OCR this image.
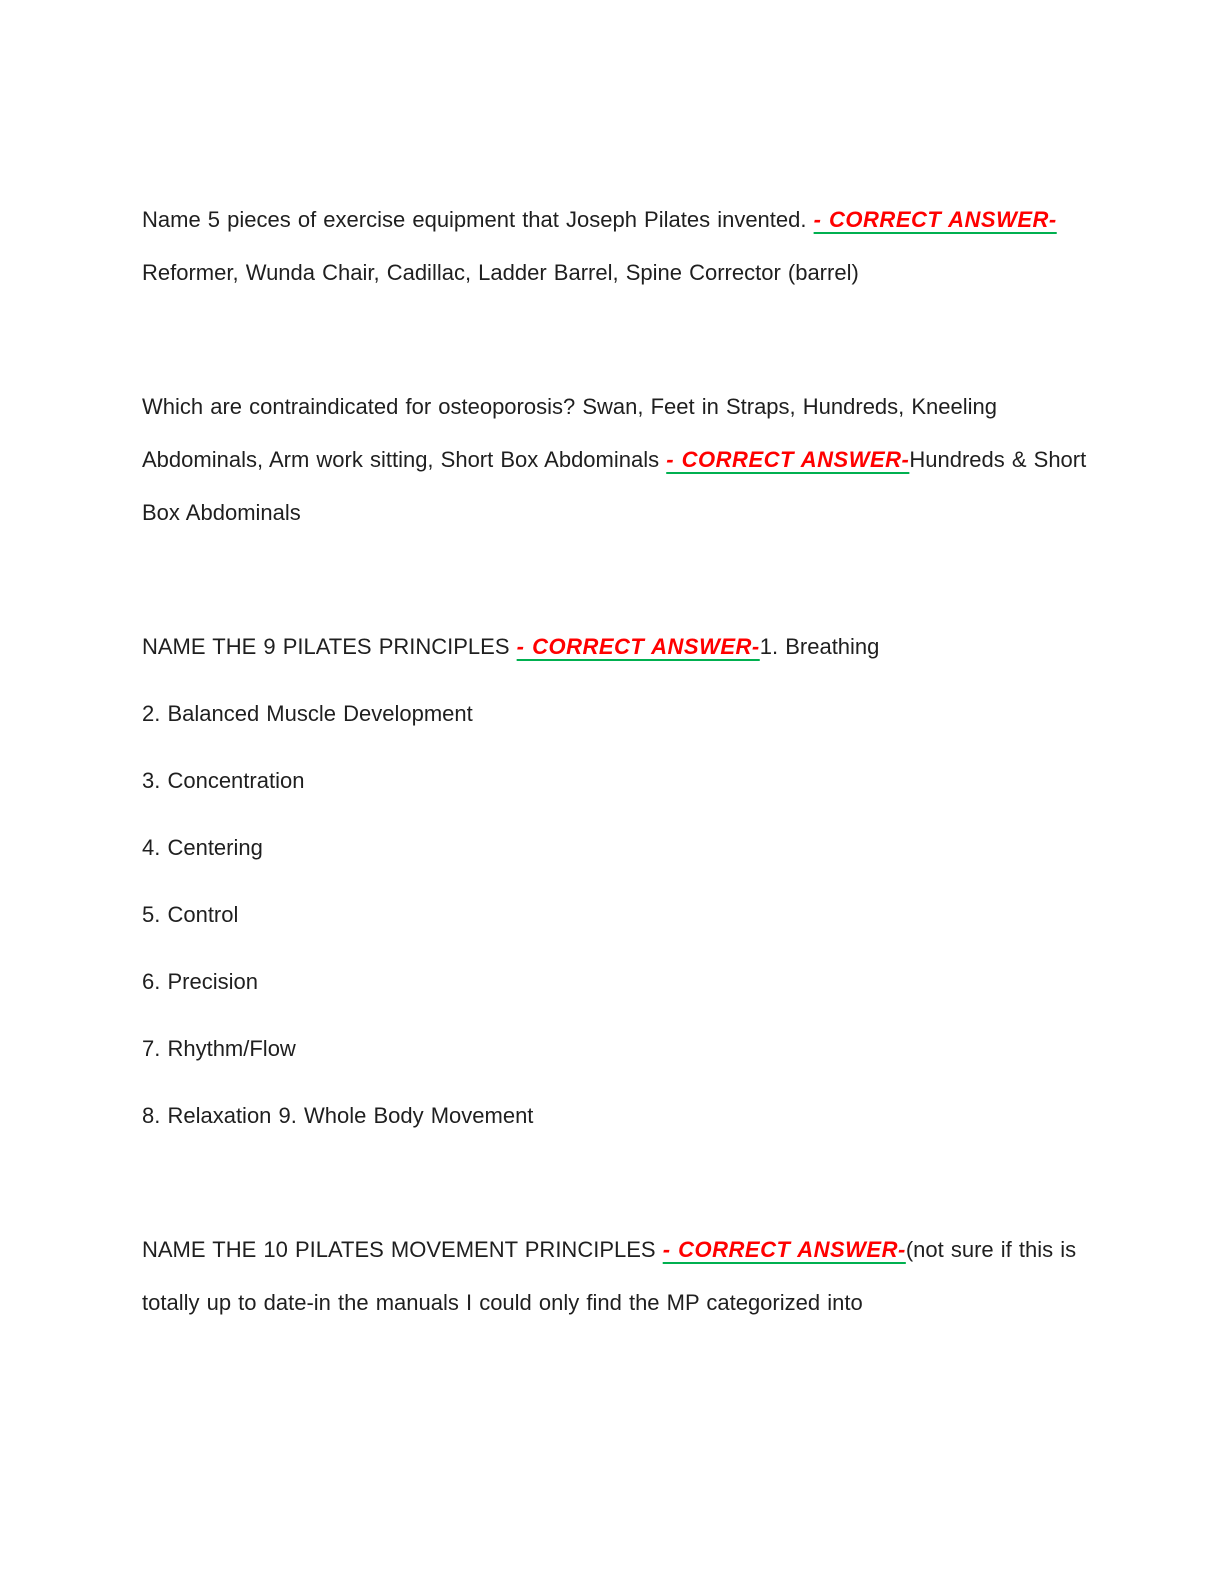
Name 5 pieces of exercise equipment that Joseph Pilates invented. - CORRECT ANSWER-Reformer, Wunda Chair, Cadillac, Ladder Barrel, Spine Corrector (barrel)

Which are contraindicated for osteoporosis? Swan, Feet in Straps, Hundreds, Kneeling Abdominals, Arm work sitting, Short Box Abdominals - CORRECT ANSWER-Hundreds & Short Box Abdominals

NAME THE 9 PILATES PRINCIPLES - CORRECT ANSWER-1. Breathing

2. Balanced Muscle Development

3. Concentration

4. Centering

5. Control

6. Precision

7. Rhythm/Flow

8. Relaxation 9. Whole Body Movement

NAME THE 10 PILATES MOVEMENT PRINCIPLES - CORRECT ANSWER-(not sure if this is totally up to date-in the manuals I could only find the MP categorized into
